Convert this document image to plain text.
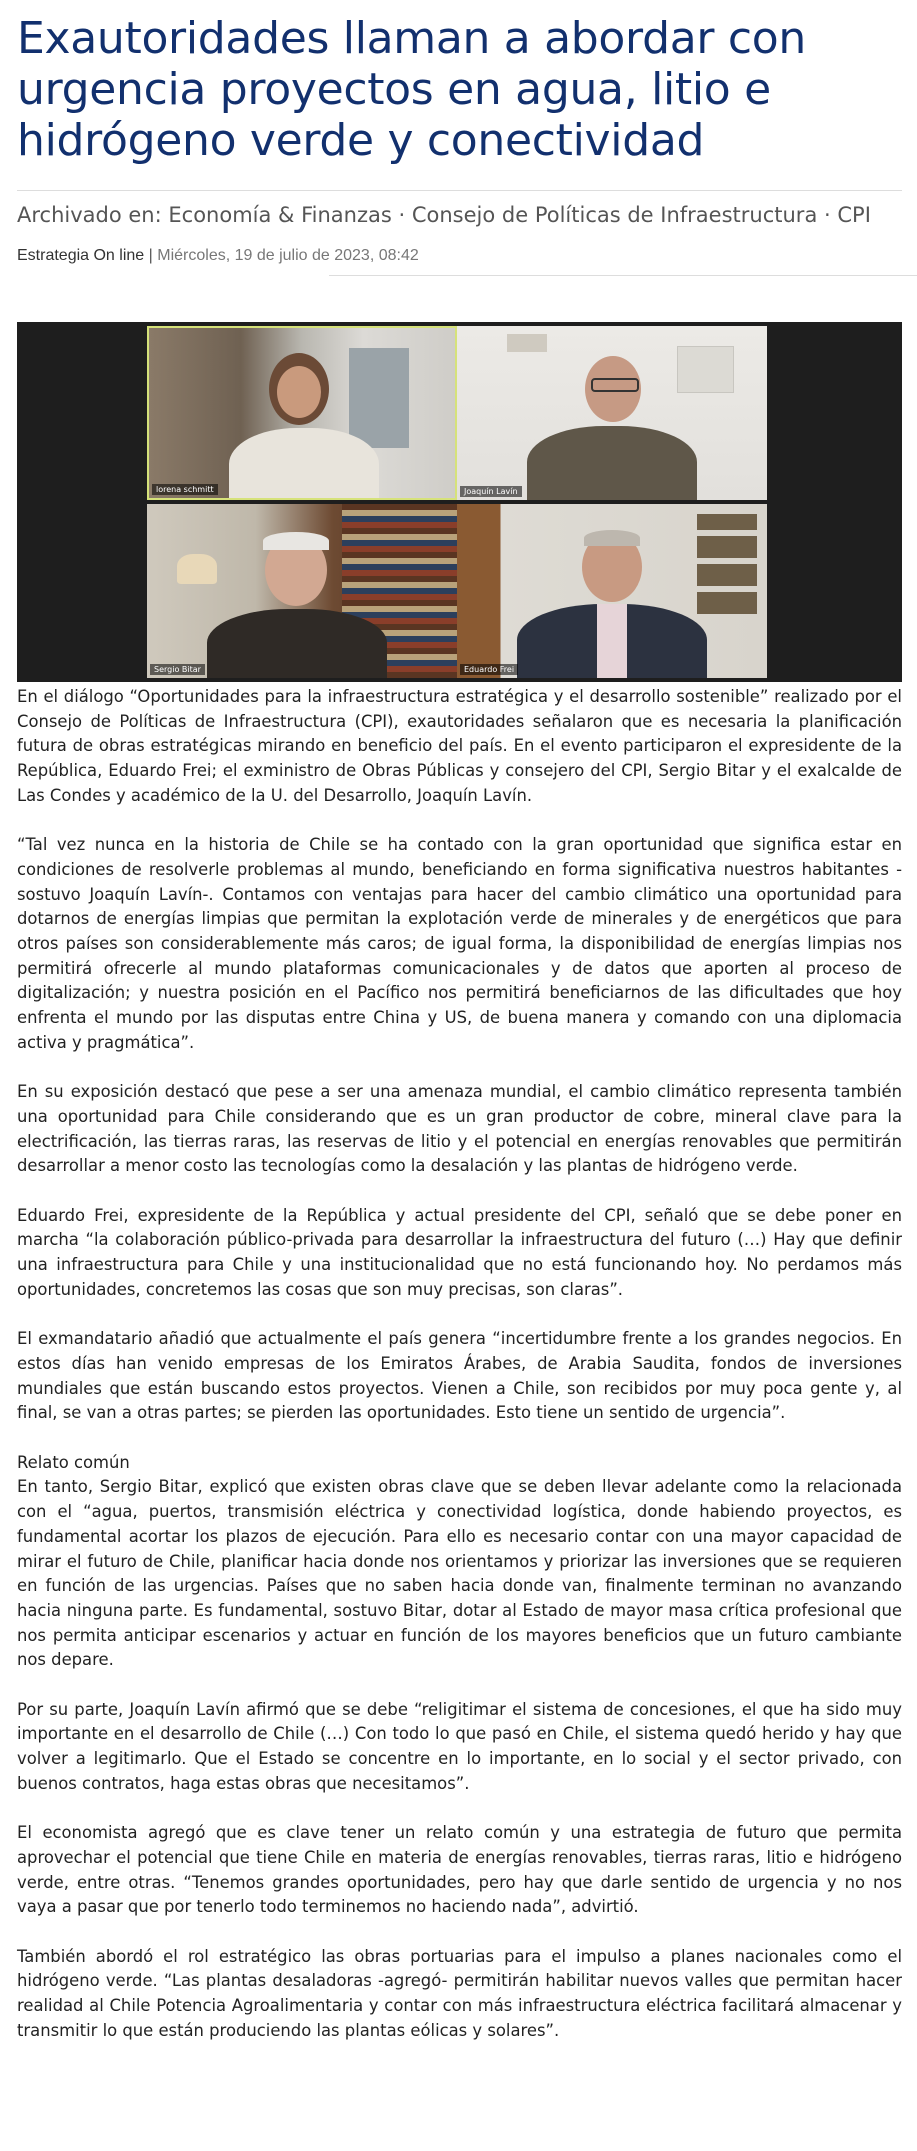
Exautoridades llaman a abordar con urgencia proyectos en agua, litio e hidrógeno verde y conectividad
Archivado en: Economía & Finanzas · Consejo de Políticas de Infraestructura · CPI
Estrategia On line | Miércoles, 19 de julio de 2023, 08:42
lorena schmitt	Joaquín Lavín
Sergio Bitar	Eduardo Frei

En el diálogo “Oportunidades para la infraestructura estratégica y el desarrollo sostenible” realizado por el Consejo de Políticas de Infraestructura (CPI), exautoridades señalaron que es necesaria la planificación futura de obras estratégicas mirando en beneficio del país. En el evento participaron el expresidente de la República, Eduardo Frei; el exministro de Obras Públicas y consejero del CPI, Sergio Bitar y el exalcalde de Las Condes y académico de la U. del Desarrollo, Joaquín Lavín.

“Tal vez nunca en la historia de Chile se ha contado con la gran oportunidad que significa estar en condiciones de resolverle problemas al mundo, beneficiando en forma significativa nuestros habitantes -sostuvo Joaquín Lavín-. Contamos con ventajas para hacer del cambio climático una oportunidad para dotarnos de energías limpias que permitan la explotación verde de minerales y de energéticos que para otros países son considerablemente más caros; de igual forma, la disponibilidad de energías limpias nos permitirá ofrecerle al mundo plataformas comunicacionales y de datos que aporten al proceso de digitalización; y nuestra posición en el Pacífico nos permitirá beneficiarnos de las dificultades que hoy enfrenta el mundo por las disputas entre China y US, de buena manera y comando con una diplomacia activa y pragmática”.

En su exposición destacó que pese a ser una amenaza mundial, el cambio climático representa también una oportunidad para Chile considerando que es un gran productor de cobre, mineral clave para la electrificación, las tierras raras, las reservas de litio y el potencial en energías renovables que permitirán desarrollar a menor costo las tecnologías como la desalación y las plantas de hidrógeno verde.

Eduardo Frei, expresidente de la República y actual presidente del CPI, señaló que se debe poner en marcha “la colaboración público-privada para desarrollar la infraestructura del futuro (…) Hay que definir una infraestructura para Chile y una institucionalidad que no está funcionando hoy. No perdamos más oportunidades, concretemos las cosas que son muy precisas, son claras”.

El exmandatario añadió que actualmente el país genera “incertidumbre frente a los grandes negocios. En estos días han venido empresas de los Emiratos Árabes, de Arabia Saudita, fondos de inversiones mundiales que están buscando estos proyectos. Vienen a Chile, son recibidos por muy poca gente y, al final, se van a otras partes; se pierden las oportunidades. Esto tiene un sentido de urgencia”.

Relato común

En tanto, Sergio Bitar, explicó que existen obras clave que se deben llevar adelante como la relacionada con el “agua, puertos, transmisión eléctrica y conectividad logística, donde habiendo proyectos, es fundamental acortar los plazos de ejecución. Para ello es necesario contar con una mayor capacidad de mirar el futuro de Chile, planificar hacia donde nos orientamos y priorizar las inversiones que se requieren en función de las urgencias. Países que no saben hacia donde van, finalmente terminan no avanzando hacia ninguna parte. Es fundamental, sostuvo Bitar, dotar al Estado de mayor masa crítica profesional que nos permita anticipar escenarios y actuar en función de los mayores beneficios que un futuro cambiante nos depare.

Por su parte, Joaquín Lavín afirmó que se debe “religitimar el sistema de concesiones, el que ha sido muy importante en el desarrollo de Chile (…) Con todo lo que pasó en Chile, el sistema quedó herido y hay que volver a legitimarlo. Que el Estado se concentre en lo importante, en lo social y el sector privado, con buenos contratos, haga estas obras que necesitamos”.

El economista agregó que es clave tener un relato común y una estrategia de futuro que permita aprovechar el potencial que tiene Chile en materia de energías renovables, tierras raras, litio e hidrógeno verde, entre otras. “Tenemos grandes oportunidades, pero hay que darle sentido de urgencia y no nos vaya a pasar que por tenerlo todo terminemos no haciendo nada”, advirtió.

También abordó el rol estratégico las obras portuarias para el impulso a planes nacionales como el hidrógeno verde. “Las plantas desaladoras -agregó- permitirán habilitar nuevos valles que permitan hacer realidad al Chile Potencia Agroalimentaria y contar con más infraestructura eléctrica facilitará almacenar y transmitir lo que están produciendo las plantas eólicas y solares”.
